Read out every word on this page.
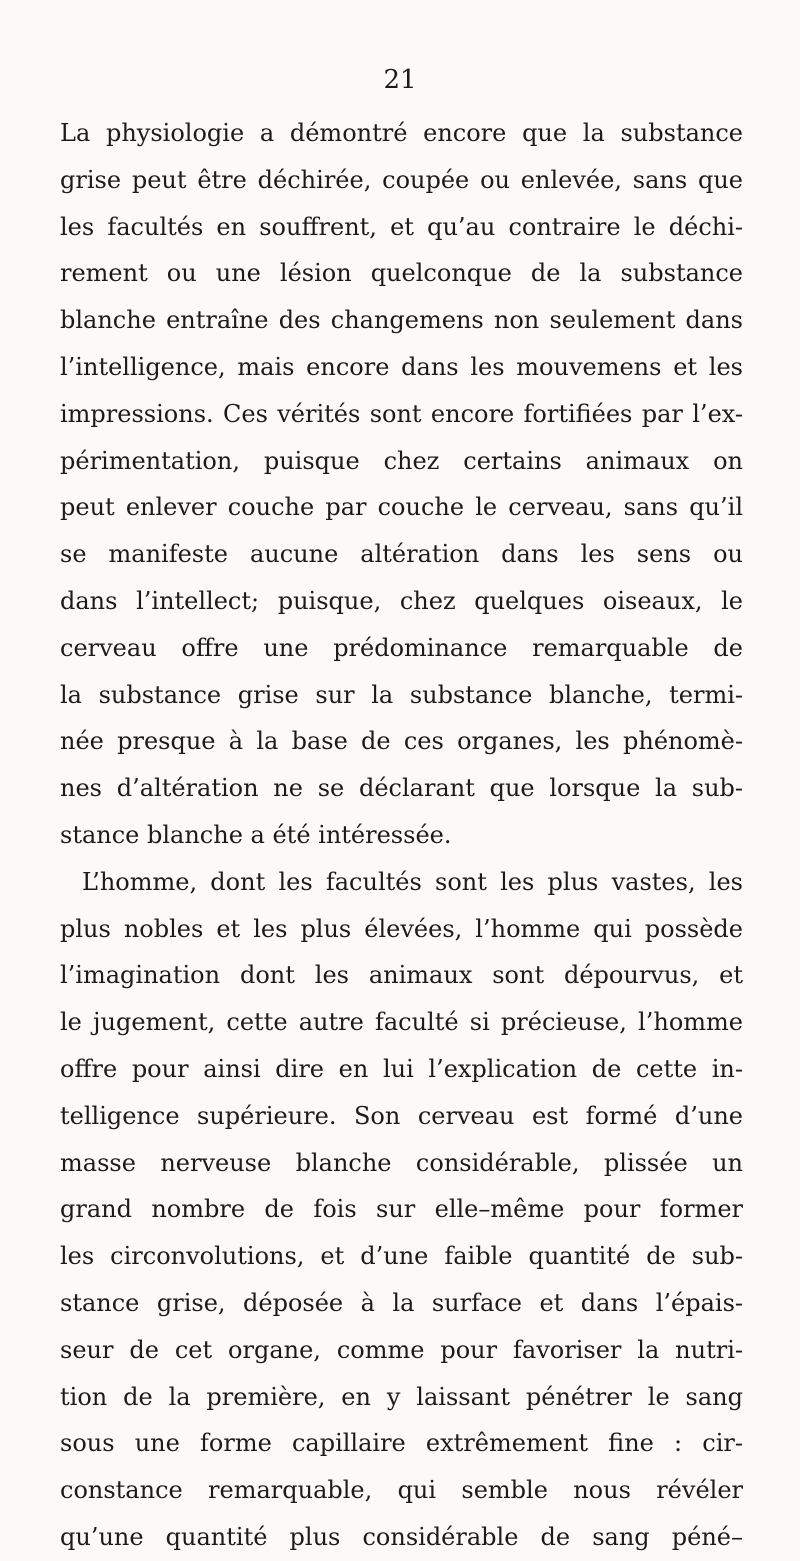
21
La physiologie a démontré encore que la substance
grise peut être déchirée, coupée ou enlevée, sans que
les facultés en souffrent, et qu’au contraire le déchi-
rement ou une lésion quelconque de la substance
blanche entraîne des changemens non seulement dans
l’intelligence, mais encore dans les mouvemens et les
impressions. Ces vérités sont encore fortifiées par l’ex-
périmentation, puisque chez certains animaux on
peut enlever couche par couche le cerveau, sans qu’il
se manifeste aucune altération dans les sens ou
dans l’intellect; puisque, chez quelques oiseaux, le
cerveau offre une prédominance remarquable de
la substance grise sur la substance blanche, termi-
née presque à la base de ces organes, les phénomè-
nes d’altération ne se déclarant que lorsque la sub-
stance blanche a été intéressée.
L’homme, dont les facultés sont les plus vastes, les
plus nobles et les plus élevées, l’homme qui possède
l’imagination dont les animaux sont dépourvus, et
le jugement, cette autre faculté si précieuse, l’homme
offre pour ainsi dire en lui l’explication de cette in-
telligence supérieure. Son cerveau est formé d’une
masse nerveuse blanche considérable, plissée un
grand nombre de fois sur elle–même pour former
les circonvolutions, et d’une faible quantité de sub-
stance grise, déposée à la surface et dans l’épais-
seur de cet organe, comme pour favoriser la nutri-
tion de la première, en y laissant pénétrer le sang
sous une forme capillaire extrêmement fine : cir-
constance remarquable, qui semble nous révéler
qu’une quantité plus considérable de sang péné–
